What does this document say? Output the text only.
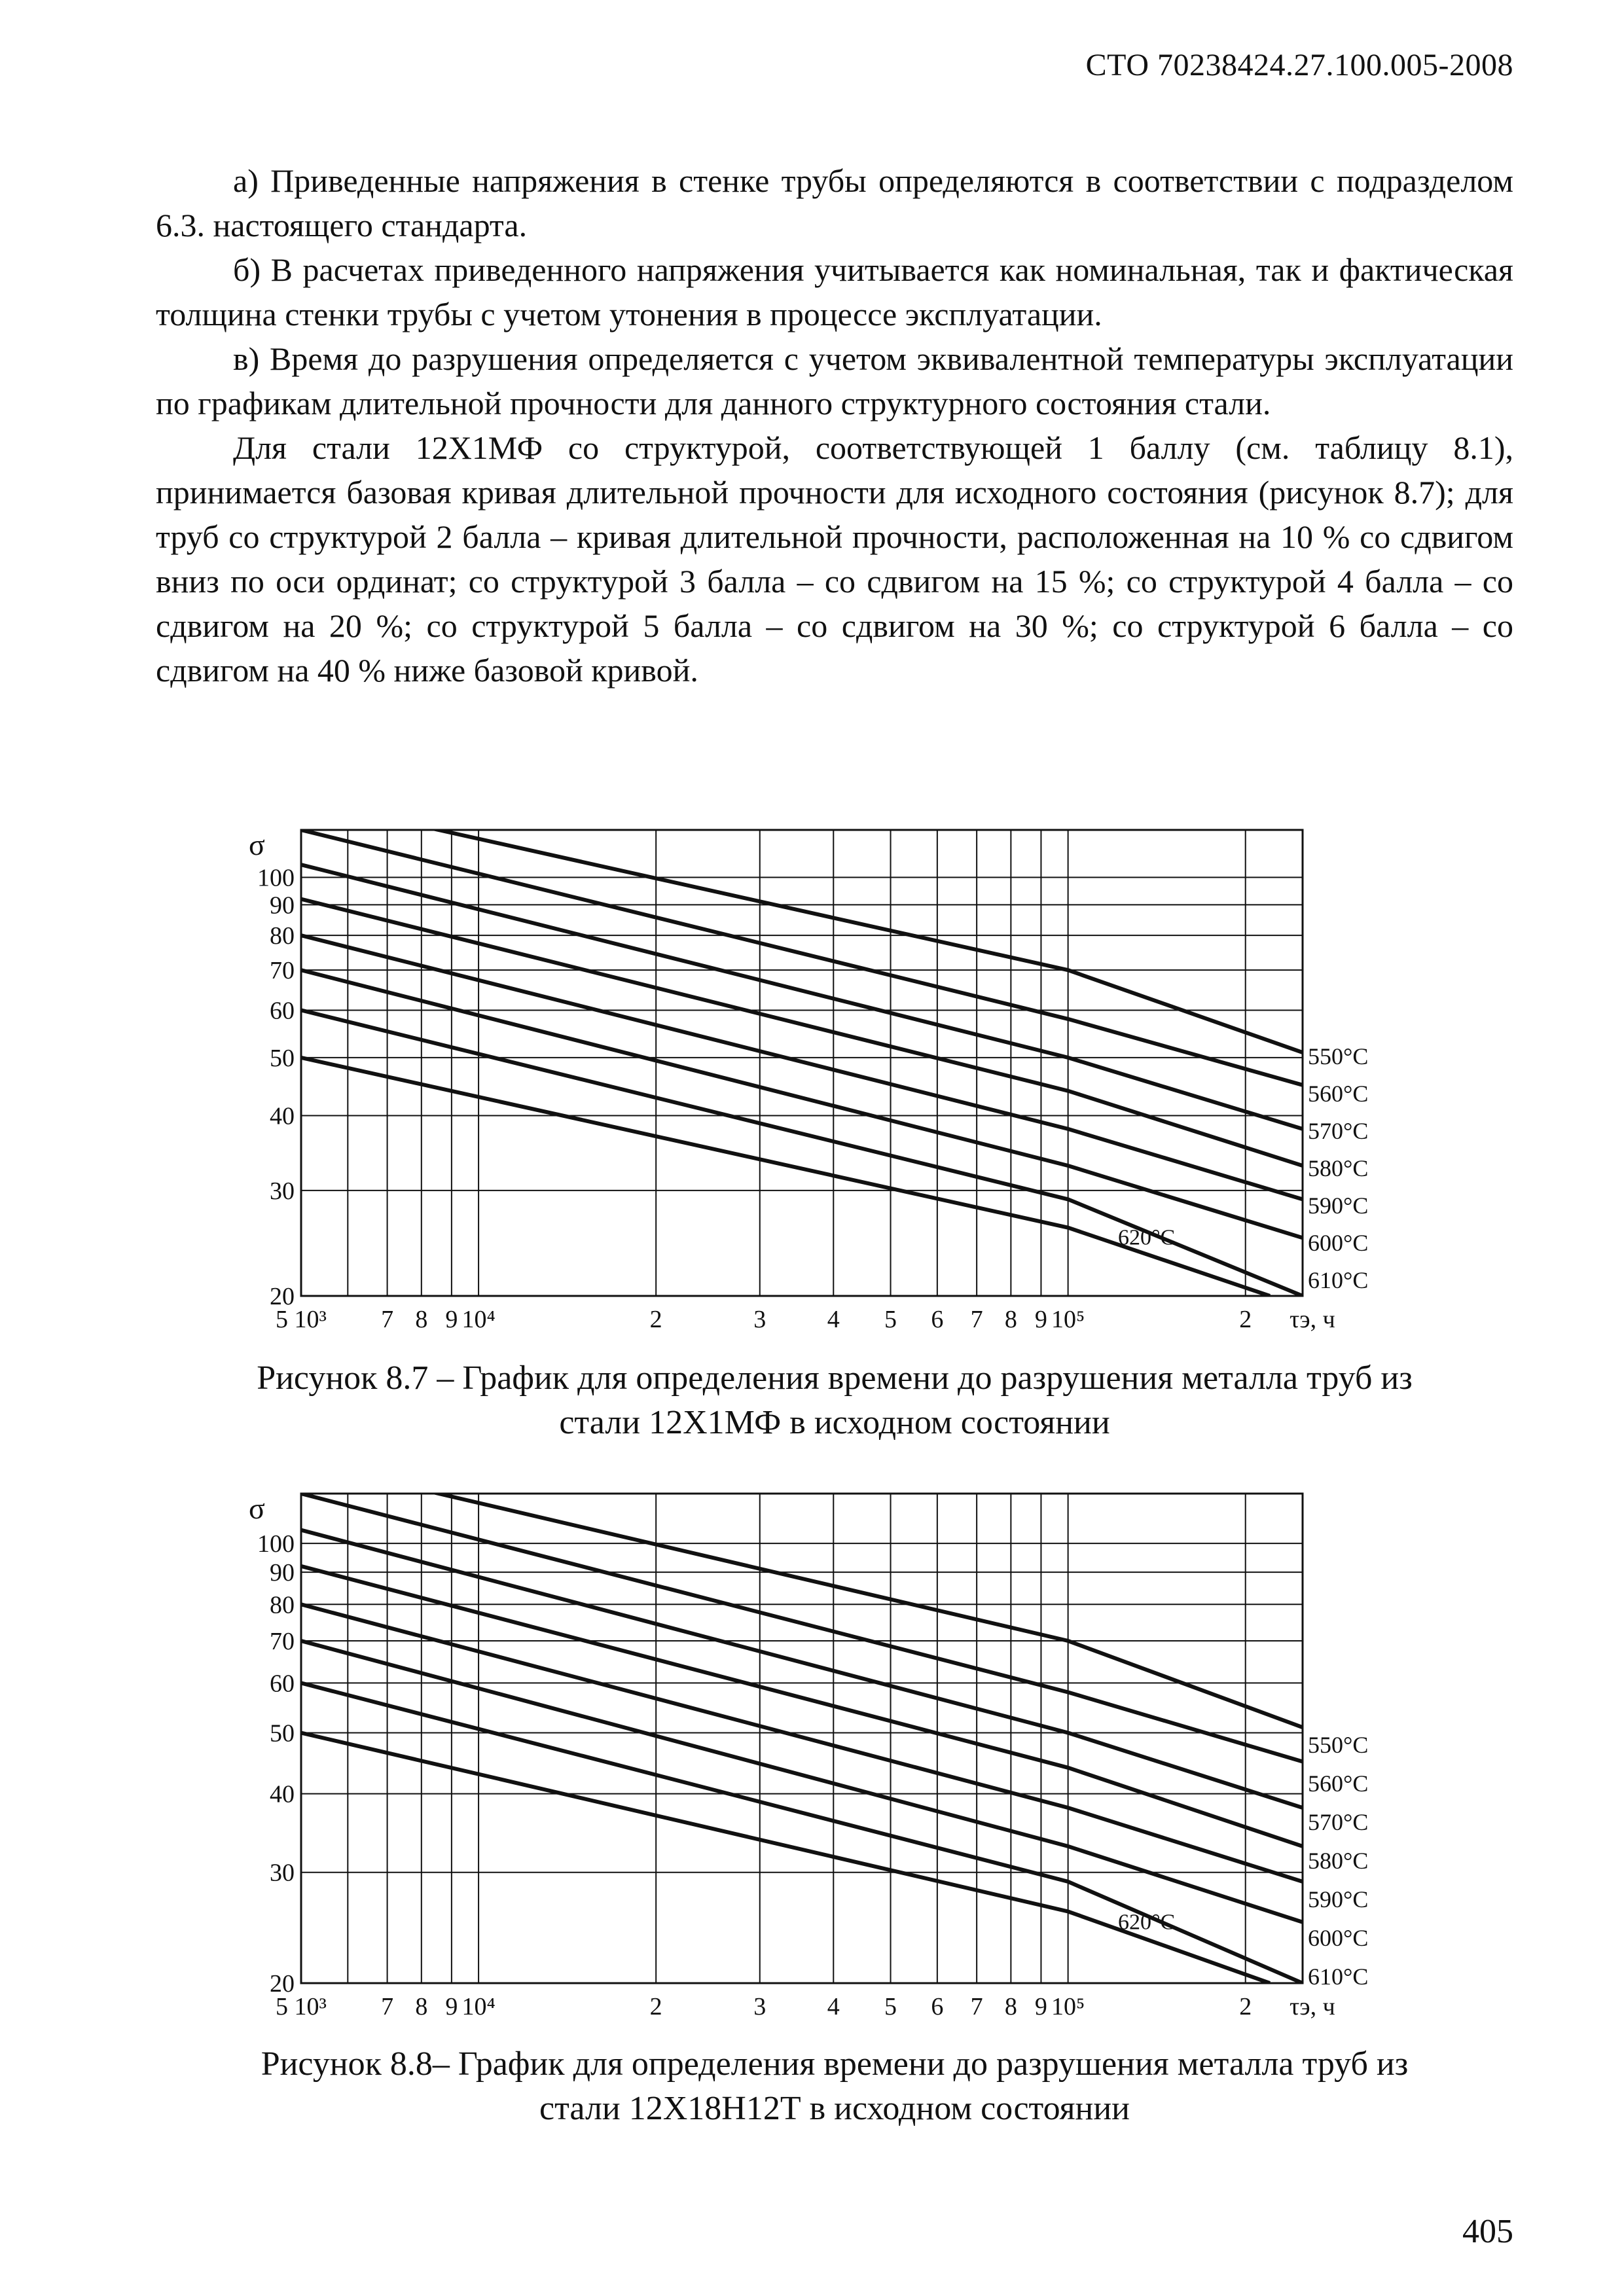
СТО 70238424.27.100.005-2008

а) Приведенные напряжения в стенке трубы определяются в соответствии с подразделом 6.3. настоящего стандарта.

б) В расчетах приведенного напряжения учитывается как номинальная, так и фактическая толщина стенки трубы с учетом утонения в процессе эксплуатации.

в) Время до разрушения определяется с учетом эквивалентной температуры эксплуатации по графикам длительной прочности для данного структурного состояния стали.

Для стали 12Х1МФ со структурой, соответствующей 1 баллу (см. таблицу 8.1), принимается базовая кривая длительной прочности для исходного состояния (рисунок 8.7); для труб со структурой 2 балла – кривая длительной прочности, расположенная на 10 % со сдвигом вниз по оси ординат; со структурой 3 балла – со сдвигом на 15 %; со структурой 4 балла – со сдвигом на 20 %; со структурой 5 балла – со сдвигом на 30 %; со структурой 6 балла – со сдвигом на 40 % ниже базовой кривой.

5 10³ 7 8 9 10⁴	2	3 4 5 6 7 8 9 10⁵	2
20
30
40
50
60
70
80
90
100
σ
τэ, ч
550°С
560°С
570°С
580°С
590°С
600°С
610°С
620°С
Рисунок 8.7 – График для определения времени до разрушения металла труб из
стали 12Х1МФ в исходном состоянии
5 10³ 7 8 9 10⁴	2	3 4 5 6 7 8 9 10⁵	2
20
30
40
50
60
70
80
90
100
σ
τэ, ч
550°С
560°С
570°С
580°С
590°С
600°С
610°С
620°С
Рисунок 8.8– График для определения времени до разрушения металла труб из
стали 12Х18Н12Т в исходном состоянии
405
